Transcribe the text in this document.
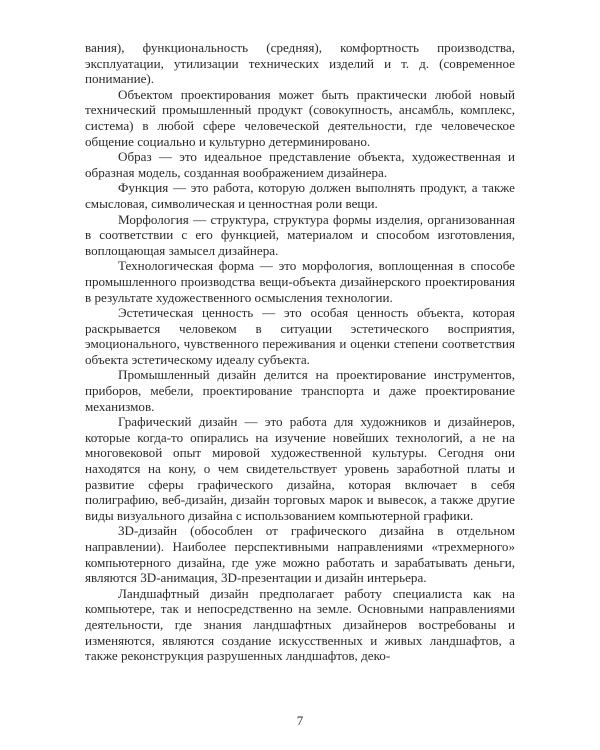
вания), функциональность (средняя), комфортность производства, эксплуатации, утилизации технических изделий и т. д. (современное понимание).

Объектом проектирования может быть практически любой новый технический промышленный продукт (совокупность, ансамбль, комплекс, система) в любой сфере человеческой деятельности, где человеческое общение социально и культурно детерминировано.

Образ — это идеальное представление объекта, художественная и образная модель, созданная воображением дизайнера.

Функция — это работа, которую должен выполнять продукт, а также смысловая, символическая и ценностная роли вещи.

Морфология — структура, структура формы изделия, организованная в соответствии с его функцией, материалом и способом изготовления, воплощающая замысел дизайнера.

Технологическая форма — это морфология, воплощенная в способе промышленного производства вещи-объекта дизайнерского проектирования в результате художественного осмысления технологии.

Эстетическая ценность — это особая ценность объекта, которая раскрывается человеком в ситуации эстетического восприятия, эмоционального, чувственного переживания и оценки степени соответствия объекта эстетическому идеалу субъекта.

Промышленный дизайн делится на проектирование инструментов, приборов, мебели, проектирование транспорта и даже проектирование механизмов.

Графический дизайн — это работа для художников и дизайнеров, которые когда-то опирались на изучение новейших технологий, а не на многовековой опыт мировой художественной культуры. Сегодня они находятся на кону, о чем свидетельствует уровень заработной платы и развитие сферы графического дизайна, которая включает в себя полиграфию, веб-дизайн, дизайн торговых марок и вывесок, а также другие виды визуального дизайна с использованием компьютерной графики.

3D-дизайн (обособлен от графического дизайна в отдельном направлении). Наиболее перспективными направлениями «трехмерного» компьютерного дизайна, где уже можно работать и зарабатывать деньги, являются 3D-анимация, 3D-презентации и дизайн интерьера.

Ландшафтный дизайн предполагает работу специалиста как на компьютере, так и непосредственно на земле. Основными направлениями деятельности, где знания ландшафтных дизайнеров востребованы и изменяются, являются создание искусственных и живых ландшафтов, а также реконструкция разрушенных ландшафтов, деко-

7
